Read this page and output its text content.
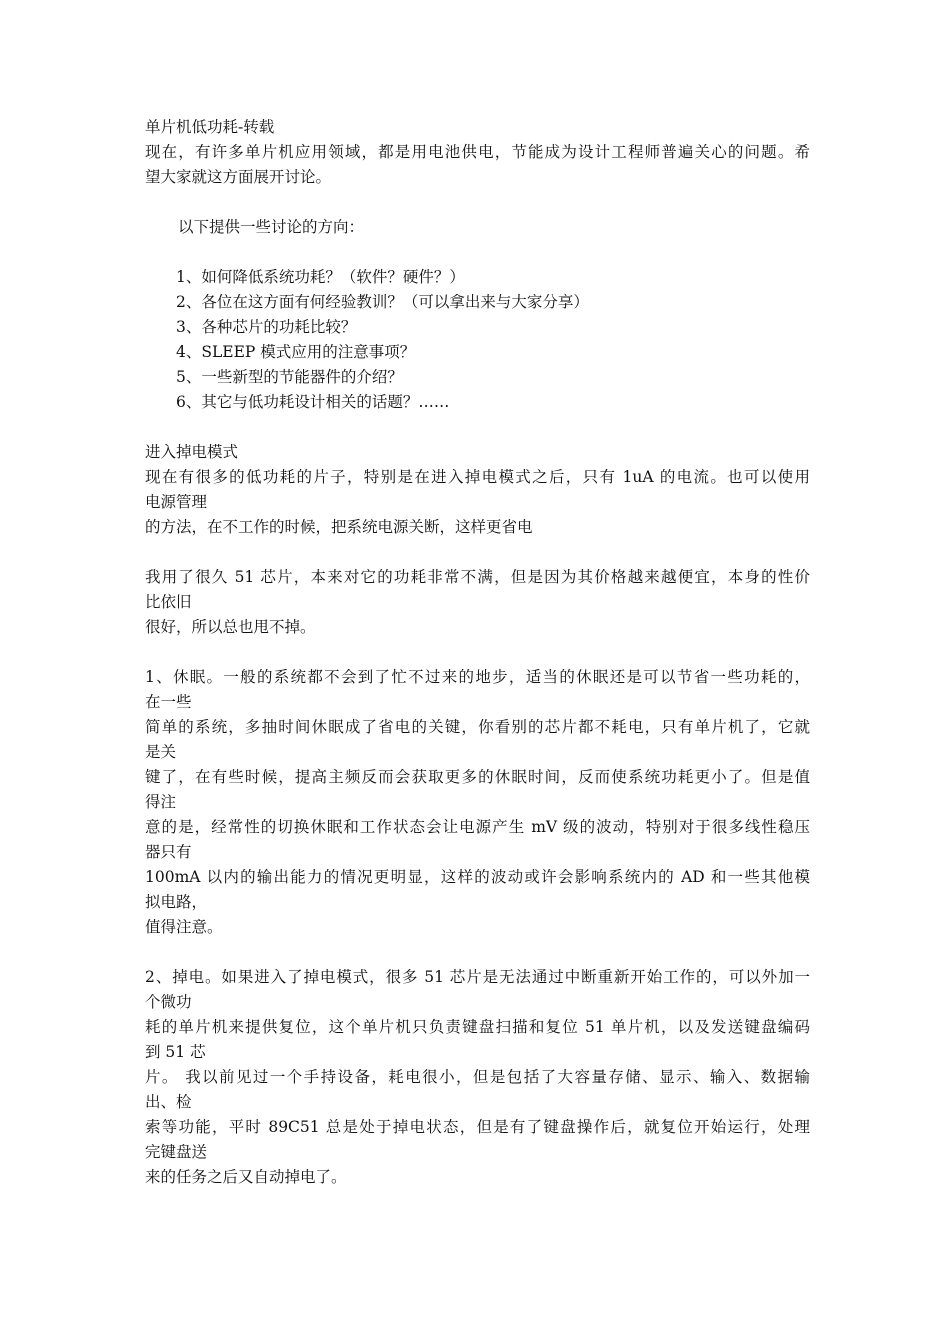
单片机低功耗-转载
现在，有许多单片机应用领域，都是用电池供电，节能成为设计工程师普遍关心的问题。希
望大家就这方面展开讨论。
以下提供一些讨论的方向：
1、如何降低系统功耗？（软件？硬件？）
2、各位在这方面有何经验教训？（可以拿出来与大家分享）
3、各种芯片的功耗比较？
4、SLEEP 模式应用的注意事项？
5、一些新型的节能器件的介绍？
6、其它与低功耗设计相关的话题？……
进入掉电模式
现在有很多的低功耗的片子，特别是在进入掉电模式之后，只有 1uA 的电流。也可以使用
电源管理
的方法，在不工作的时候，把系统电源关断，这样更省电
我用了很久 51 芯片，本来对它的功耗非常不满，但是因为其价格越来越便宜，本身的性价
比依旧
很好，所以总也甩不掉。
1、休眠。一般的系统都不会到了忙不过来的地步，适当的休眠还是可以节省一些功耗的，
在一些
简单的系统，多抽时间休眠成了省电的关键，你看别的芯片都不耗电，只有单片机了，它就
是关
键了，在有些时候，提高主频反而会获取更多的休眠时间，反而使系统功耗更小了。但是值
得注
意的是，经常性的切换休眠和工作状态会让电源产生 mV 级的波动，特别对于很多线性稳压
器只有
100mA 以内的输出能力的情况更明显，这样的波动或许会影响系统内的 AD 和一些其他模
拟电路，
值得注意。
2、掉电。如果进入了掉电模式，很多 51 芯片是无法通过中断重新开始工作的，可以外加一
个微功
耗的单片机来提供复位，这个单片机只负责键盘扫描和复位 51 单片机，以及发送键盘编码
到 51 芯
片。 我以前见过一个手持设备，耗电很小，但是包括了大容量存储、显示、输入、数据输
出、检
索等功能，平时 89C51 总是处于掉电状态，但是有了键盘操作后，就复位开始运行，处理
完键盘送
来的任务之后又自动掉电了。
